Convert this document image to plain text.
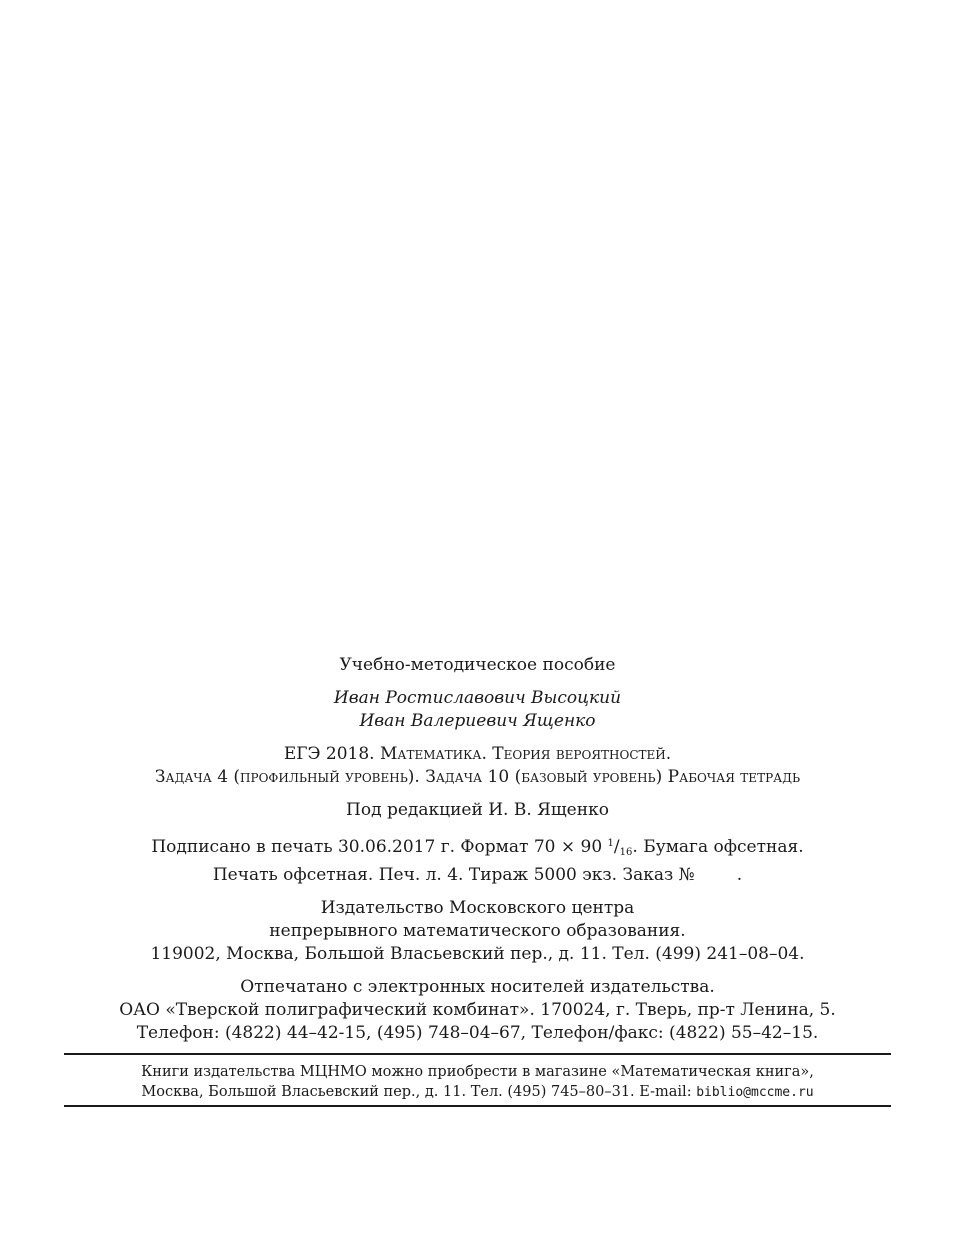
Учебно-методическое пособие
Иван Ростиславович Высоцкий
Иван Валериевич Ященко
ЕГЭ 2018. Математика. Теория вероятностей.
Задача 4 (профильный уровень). Задача 10 (базовый уровень) Рабочая тетрадь
Под редакцией И. В. Ященко
Подписано в печать 30.06.2017 г. Формат 70 × 90 $^1$/16. Бумага офсетная.
Печать офсетная. Печ. л. 4. Тираж 5000 экз. Заказ № .
Издательство Московского центра
непрерывного математического образования.
119002, Москва, Большой Власьевский пер., д. 11. Тел. (499) 241–08–04.
Отпечатано с электронных носителей издательства.
ОАО «Тверской полиграфический комбинат». 170024, г. Тверь, пр-т Ленина, 5.
Телефон: (4822) 44–42-15, (495) 748–04–67, Телефон/факс: (4822) 55–42–15.
Книги издательства МЦНМО можно приобрести в магазине «Математическая книга»,
Москва, Большой Власьевский пер., д. 11. Тел. (495) 745–80–31. E-mail: biblio@mccme.ru
